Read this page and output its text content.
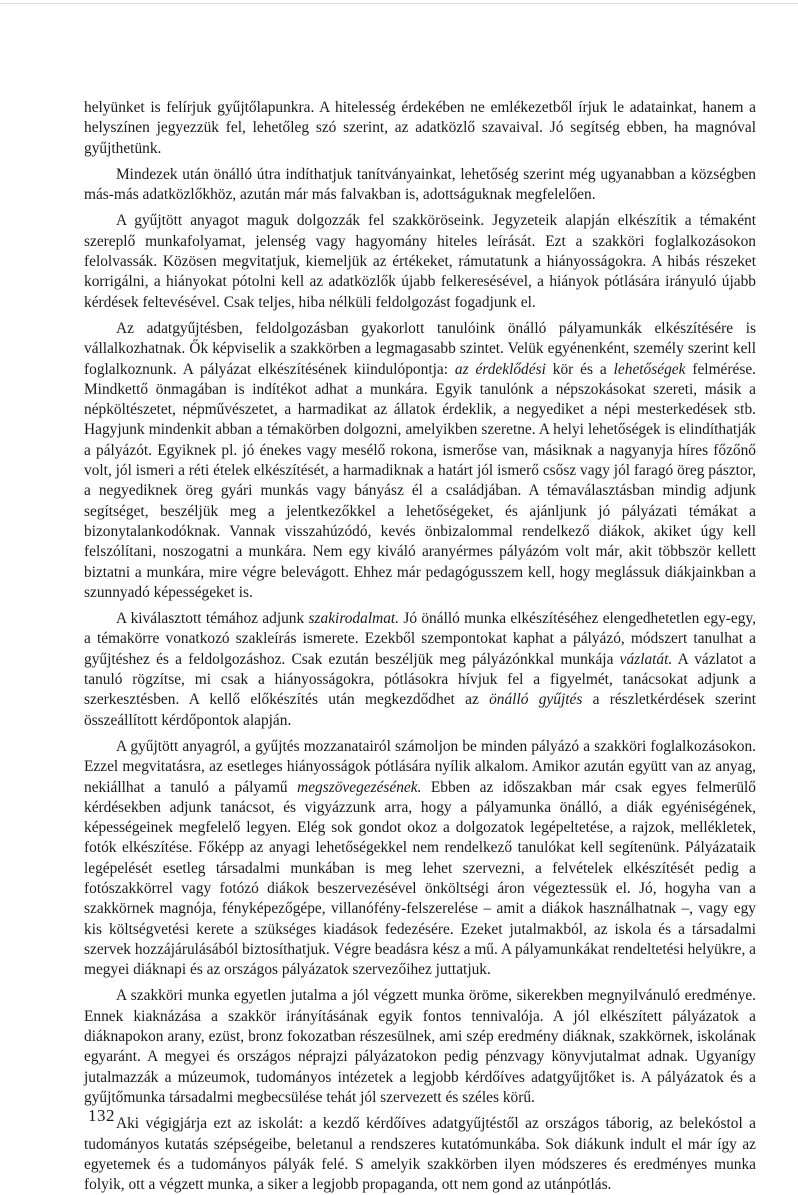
helyünket is felírjuk gyűjtőlapunkra. A hitelesség érdekében ne emlékezetből írjuk le adatainkat, hanem a helyszínen jegyezzük fel, lehetőleg szó szerint, az adatközlő szavaival. Jó segítség ebben, ha magnóval gyűjthetünk.

Mindezek után önálló útra indíthatjuk tanítványainkat, lehetőség szerint még ugyanabban a községben más-más adatközlőkhöz, azután már más falvakban is, adottságuknak megfelelően.

A gyűjtött anyagot maguk dolgozzák fel szakköröseink. Jegyzeteik alapján elkészítik a témaként szereplő munkafolyamat, jelenség vagy hagyomány hiteles leírását. Ezt a szakköri foglalkozásokon felolvassák. Közösen megvitatjuk, kiemeljük az értékeket, rámutatunk a hiányosságokra. A hibás részeket korrigálni, a hiányokat pótolni kell az adatközlők újabb felkeresésével, a hiányok pótlására irányuló újabb kérdések feltevésével. Csak teljes, hiba nélküli feldolgozást fogadjunk el.

Az adatgyűjtésben, feldolgozásban gyakorlott tanulóink önálló pályamunkák elkészítésére is vállalkozhatnak. Ők képviselik a szakkörben a legmagasabb szintet. Velük egyénenként, személy szerint kell foglalkoznunk. A pályázat elkészítésének kiindulópontja: az érdeklődési kör és a lehetőségek felmérése. Mindkettő önmagában is indítékot adhat a munkára. Egyik tanulónk a népszokásokat szereti, másik a népköltészetet, népművészetet, a harmadikat az állatok érdeklik, a negyediket a népi mesterkedések stb. Hagyjunk mindenkit abban a témakörben dolgozni, amelyikben szeretne. A helyi lehetőségek is elindíthatják a pályázót. Egyiknek pl. jó énekes vagy mesélő rokona, ismerőse van, másiknak a nagyanyja híres főzőnő volt, jól ismeri a réti ételek elkészítését, a harmadiknak a határt jól ismerő csősz vagy jól faragó öreg pásztor, a negyediknek öreg gyári munkás vagy bányász él a családjában. A témaválasztásban mindig adjunk segítséget, beszéljük meg a jelentkezőkkel a lehetőségeket, és ajánljunk jó pályázati témákat a bizonytalankodóknak. Vannak visszahúzódó, kevés önbizalommal rendelkező diákok, akiket úgy kell felszólítani, noszogatni a munkára. Nem egy kiváló aranyérmes pályázóm volt már, akit többször kellett biztatni a munkára, mire végre belevágott. Ehhez már pedagógusszem kell, hogy meglássuk diákjainkban a szunnyadó képességeket is.

A kiválasztott témához adjunk szakirodalmat. Jó önálló munka elkészítéséhez elengedhetetlen egy-egy, a témakörre vonatkozó szakleírás ismerete. Ezekből szempontokat kaphat a pályázó, módszert tanulhat a gyűjtéshez és a feldolgozáshoz. Csak ezután beszéljük meg pályázónkkal munkája vázlatát. A vázlatot a tanuló rögzítse, mi csak a hiányosságokra, pótlásokra hívjuk fel a figyelmét, tanácsokat adjunk a szerkesztésben. A kellő előkészítés után megkezdődhet az önálló gyűjtés a részletkérdések szerint összeállított kérdőpontok alapján.

A gyűjtött anyagról, a gyűjtés mozzanatairól számoljon be minden pályázó a szakköri foglalkozásokon. Ezzel megvitatásra, az esetleges hiányosságok pótlására nyílik alkalom. Amikor azután együtt van az anyag, nekiállhat a tanuló a pályamű megszövegezésének. Ebben az időszakban már csak egyes felmerülő kérdésekben adjunk tanácsot, és vigyázzunk arra, hogy a pályamunka önálló, a diák egyéniségének, képességeinek megfelelő legyen. Elég sok gondot okoz a dolgozatok legépeltetése, a rajzok, mellékletek, fotók elkészítése. Főképp az anyagi lehetőségekkel nem rendelkező tanulókat kell segítenünk. Pályázataik legépelését esetleg társadalmi munkában is meg lehet szervezni, a felvételek elkészítését pedig a fotószakkörrel vagy fotózó diákok beszervezésével önköltségi áron végeztessük el. Jó, hogyha van a szakkörnek magnója, fényképezőgépe, villanófény-felszerelése – amit a diákok használhatnak –, vagy egy kis költségvetési kerete a szükséges kiadások fedezésére. Ezeket jutalmakból, az iskola és a társadalmi szervek hozzájárulásából biztosíthatjuk. Végre beadásra kész a mű. A pályamunkákat rendeltetési helyükre, a megyei diáknapi és az országos pályázatok szervezőihez juttatjuk.

A szakköri munka egyetlen jutalma a jól végzett munka öröme, sikerekben megnyilvánuló eredménye. Ennek kiaknázása a szakkör irányításának egyik fontos tennivalója. A jól elkészített pályázatok a diáknapokon arany, ezüst, bronz fokozatban részesülnek, ami szép eredmény diáknak, szakkörnek, iskolának egyaránt. A megyei és országos néprajzi pályázatokon pedig pénzvagy könyvjutalmat adnak. Ugyanígy jutalmazzák a múzeumok, tudományos intézetek a legjobb kérdőíves adatgyűjtőket is. A pályázatok és a gyűjtőmunka társadalmi megbecsülése tehát jól szervezett és széles körű.

Aki végigjárja ezt az iskolát: a kezdő kérdőíves adatgyűjtéstől az országos táborig, az belekóstol a tudományos kutatás szépségeibe, beletanul a rendszeres kutatómunkába. Sok diákunk indult el már így az egyetemek és a tudományos pályák felé. S amelyik szakkörben ilyen módszeres és eredményes munka folyik, ott a végzett munka, a siker a legjobb propaganda, ott nem gond az utánpótlás.

132
